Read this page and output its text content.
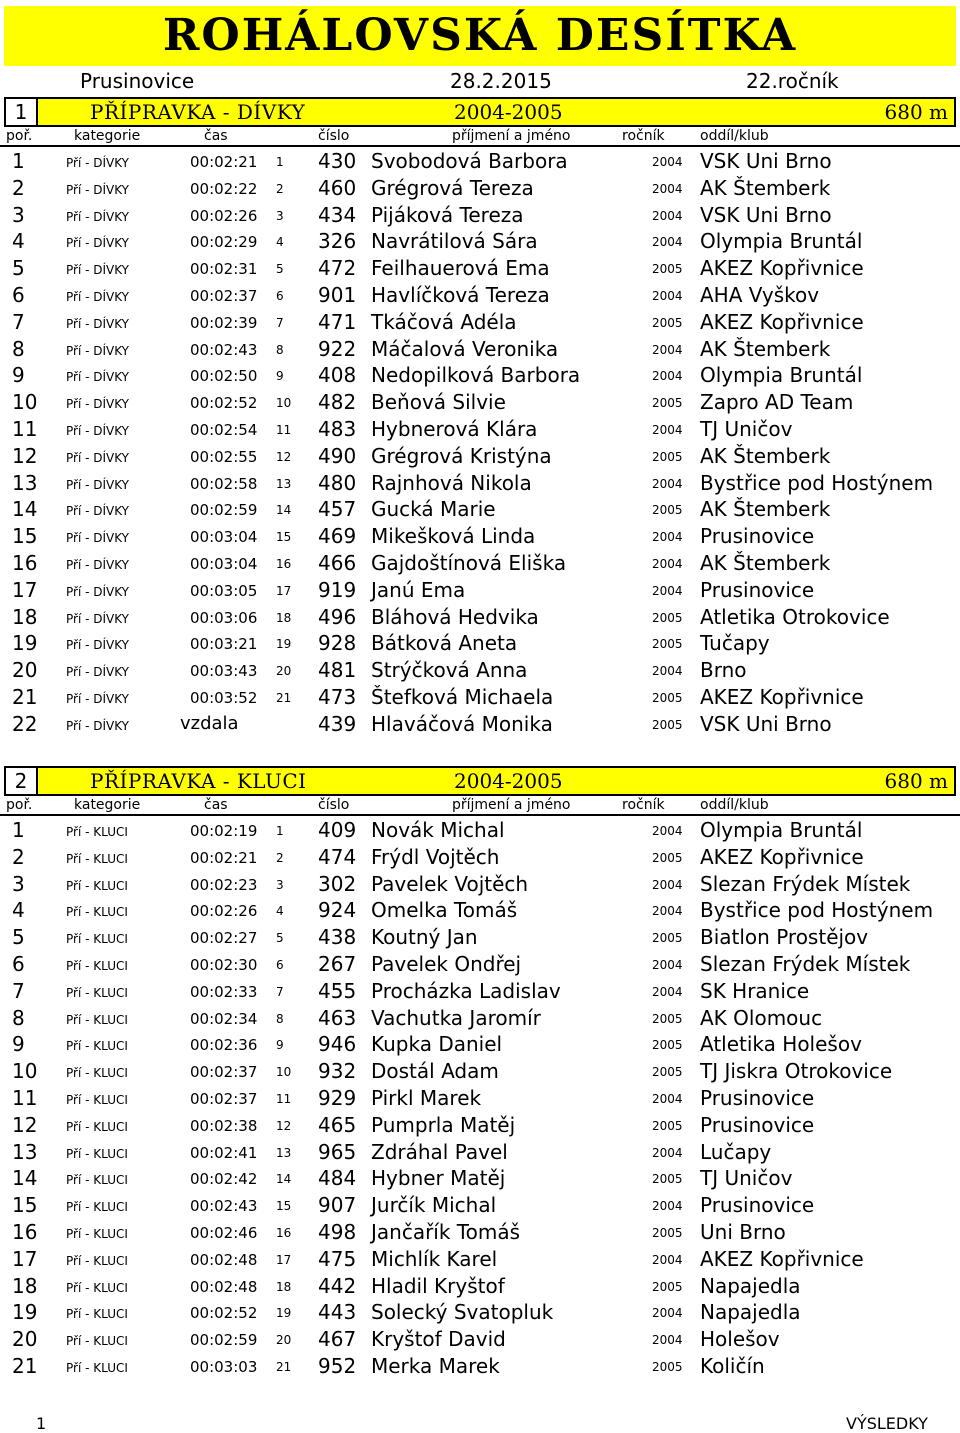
ROHÁLOVSKÁ DESÍTKA
Prusinovice	28.2.2015	22.ročník
1	PŘÍPRAVKA - DÍVKY	2004-2005	680 m
poř.	kategorie	čas	číslo	příjmení a jméno	ročník	oddíl/klub
1	Pří - DÍVKY	00:02:21 1 430 Svobodová Barbora	2004 VSK Uni Brno
2	Pří - DÍVKY	00:02:22 2 460 Grégrová Tereza	2004 AK Štemberk
3	Pří - DÍVKY	00:02:26 3 434 Pijáková Tereza	2004 VSK Uni Brno
4	Pří - DÍVKY	00:02:29 4 326 Navrátilová Sára	2004 Olympia Bruntál
5	Pří - DÍVKY	00:02:31 5 472 Feilhauerová Ema	2005 AKEZ Kopřivnice
6	Pří - DÍVKY	00:02:37 6 901 Havlíčková Tereza	2004 AHA Vyškov
7	Pří - DÍVKY	00:02:39 7 471 Tkáčová Adéla	2005 AKEZ Kopřivnice
8	Pří - DÍVKY	00:02:43 8 922 Máčalová Veronika	2004 AK Štemberk
9	Pří - DÍVKY	00:02:50 9 408 Nedopilková Barbora	2004 Olympia Bruntál
10 Pří - DÍVKY	00:02:52 10 482 Beňová Silvie	2005 Zapro AD Team
11 Pří - DÍVKY	00:02:54 11 483 Hybnerová Klára	2004 TJ Uničov
12 Pří - DÍVKY	00:02:55 12 490 Grégrová Kristýna	2005 AK Štemberk
13 Pří - DÍVKY	00:02:58 13 480 Rajnhová Nikola	2004 Bystřice pod Hostýnem
14 Pří - DÍVKY	00:02:59 14 457 Gucká Marie	2005 AK Štemberk
15 Pří - DÍVKY	00:03:04 15 469 Mikešková Linda	2004 Prusinovice
16 Pří - DÍVKY	00:03:04 16 466 Gajdoštínová Eliška	2004 AK Štemberk
17 Pří - DÍVKY	00:03:05 17 919 Janú Ema	2004 Prusinovice
18 Pří - DÍVKY	00:03:06 18 496 Bláhová Hedvika	2005 Atletika Otrokovice
19 Pří - DÍVKY	00:03:21 19 928 Bátková Aneta	2005 Tučapy
20 Pří - DÍVKY	00:03:43 20 481 Strýčková Anna	2004 Brno
21 Pří - DÍVKY	00:03:52 21 473 Štefková Michaela	2005 AKEZ Kopřivnice
22 Pří - DÍVKY	vzdala	439 Hlaváčová Monika	2005 VSK Uni Brno
2	PŘÍPRAVKA - KLUCI	2004-2005	680 m
poř.	kategorie	čas	číslo	příjmení a jméno	ročník	oddíl/klub
1	Pří - KLUCI	00:02:19 1 409 Novák Michal	2004 Olympia Bruntál
2	Pří - KLUCI	00:02:21 2 474 Frýdl Vojtěch	2005 AKEZ Kopřivnice
3	Pří - KLUCI	00:02:23 3 302 Pavelek Vojtěch	2004 Slezan Frýdek Místek
4	Pří - KLUCI	00:02:26 4 924 Omelka Tomáš	2004 Bystřice pod Hostýnem
5	Pří - KLUCI	00:02:27 5 438 Koutný Jan	2005 Biatlon Prostějov
6	Pří - KLUCI	00:02:30 6 267 Pavelek Ondřej	2004 Slezan Frýdek Místek
7	Pří - KLUCI	00:02:33 7 455 Procházka Ladislav	2004 SK Hranice
8	Pří - KLUCI	00:02:34 8 463 Vachutka Jaromír	2005 AK Olomouc
9	Pří - KLUCI	00:02:36 9 946 Kupka Daniel	2005 Atletika Holešov
10 Pří - KLUCI	00:02:37 10 932 Dostál Adam	2005 TJ Jiskra Otrokovice
11 Pří - KLUCI	00:02:37 11 929 Pirkl Marek	2004 Prusinovice
12 Pří - KLUCI	00:02:38 12 465 Pumprla Matěj	2005 Prusinovice
13 Pří - KLUCI	00:02:41 13 965 Zdráhal Pavel	2004 Lučapy
14 Pří - KLUCI	00:02:42 14 484 Hybner Matěj	2005 TJ Uničov
15 Pří - KLUCI	00:02:43 15 907 Jurčík Michal	2004 Prusinovice
16 Pří - KLUCI	00:02:46 16 498 Jančařík Tomáš	2005 Uni Brno
17 Pří - KLUCI	00:02:48 17 475 Michlík Karel	2004 AKEZ Kopřivnice
18 Pří - KLUCI	00:02:48 18 442 Hladil Kryštof	2005 Napajedla
19 Pří - KLUCI	00:02:52 19 443 Solecký Svatopluk	2004 Napajedla
20 Pří - KLUCI	00:02:59 20 467 Kryštof David	2004 Holešov
21 Pří - KLUCI	00:03:03 21 952 Merka Marek	2005 Količín
1	VÝSLEDKY
